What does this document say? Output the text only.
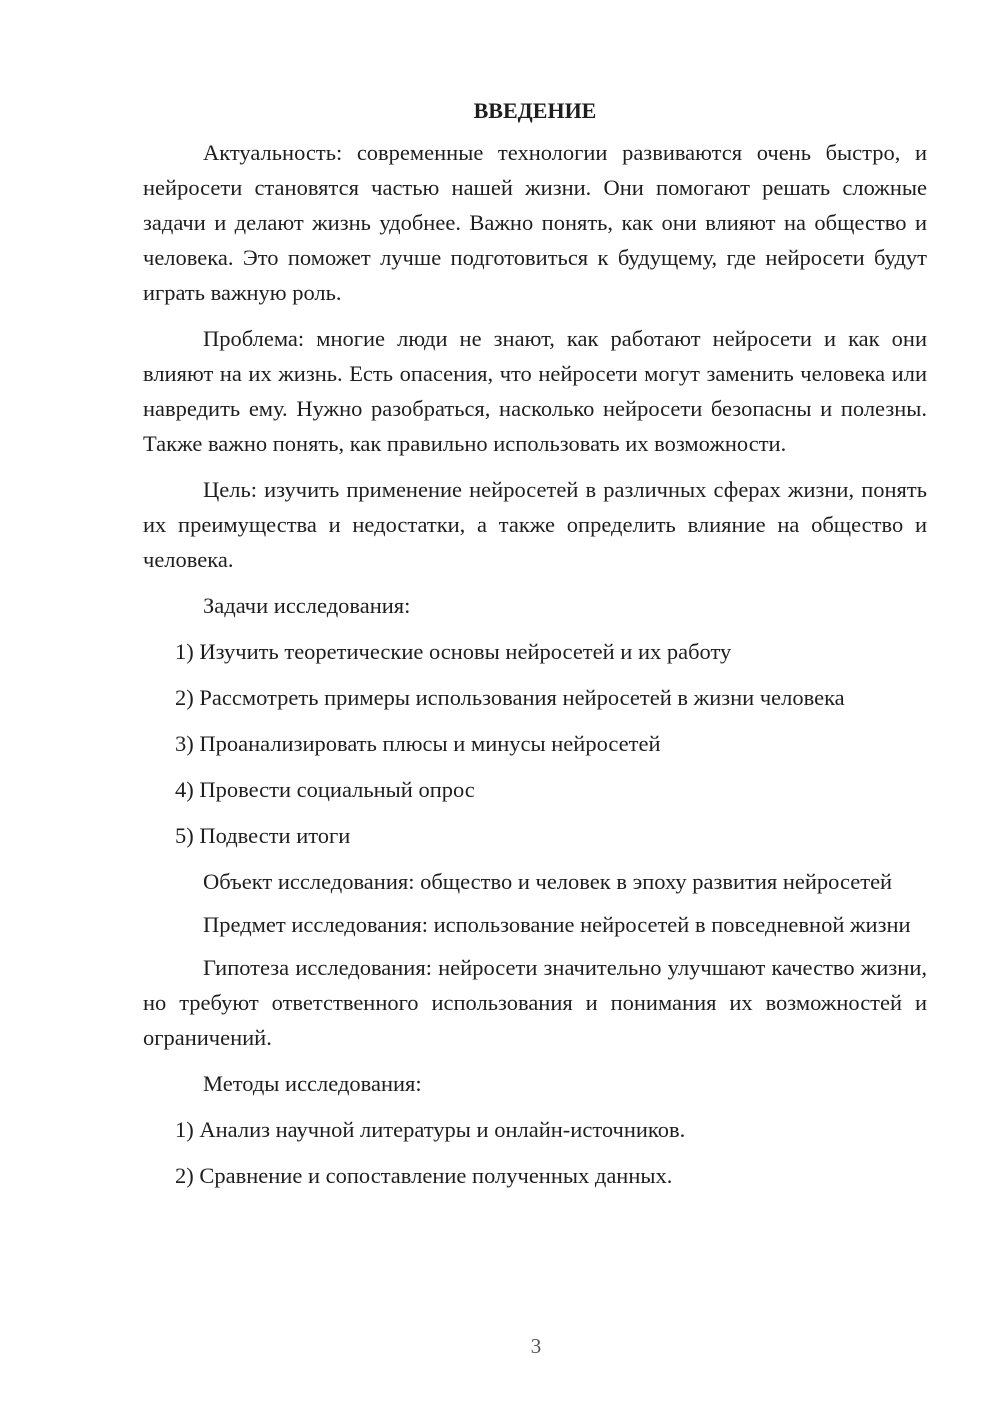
ВВЕДЕНИЕ

Актуальность: современные технологии развиваются очень быстро, и нейросети становятся частью нашей жизни. Они помогают решать сложные задачи и делают жизнь удобнее. Важно понять, как они влияют на общество и человека. Это поможет лучше подготовиться к будущему, где нейросети будут играть важную роль.

Проблема: многие люди не знают, как работают нейросети и как они влияют на их жизнь. Есть опасения, что нейросети могут заменить человека или навредить ему. Нужно разобраться, насколько нейросети безопасны и полезны. Также важно понять, как правильно использовать их возможности.

Цель: изучить применение нейросетей в различных сферах жизни, понять их преимущества и недостатки, а также определить влияние на общество и человека.

Задачи исследования:

1) Изучить теоретические основы нейросетей и их работу
2) Рассмотреть примеры использования нейросетей в жизни человека
3) Проанализировать плюсы и минусы нейросетей
4) Провести социальный опрос
5) Подвести итоги

Объект исследования: общество и человек в эпоху развития нейросетей

Предмет исследования: использование нейросетей в повседневной жизни

Гипотеза исследования: нейросети значительно улучшают качество жизни, но требуют ответственного использования и понимания их возможностей и ограничений.

Методы исследования:

1) Анализ научной литературы и онлайн-источников.
2) Сравнение и сопоставление полученных данных.
3
